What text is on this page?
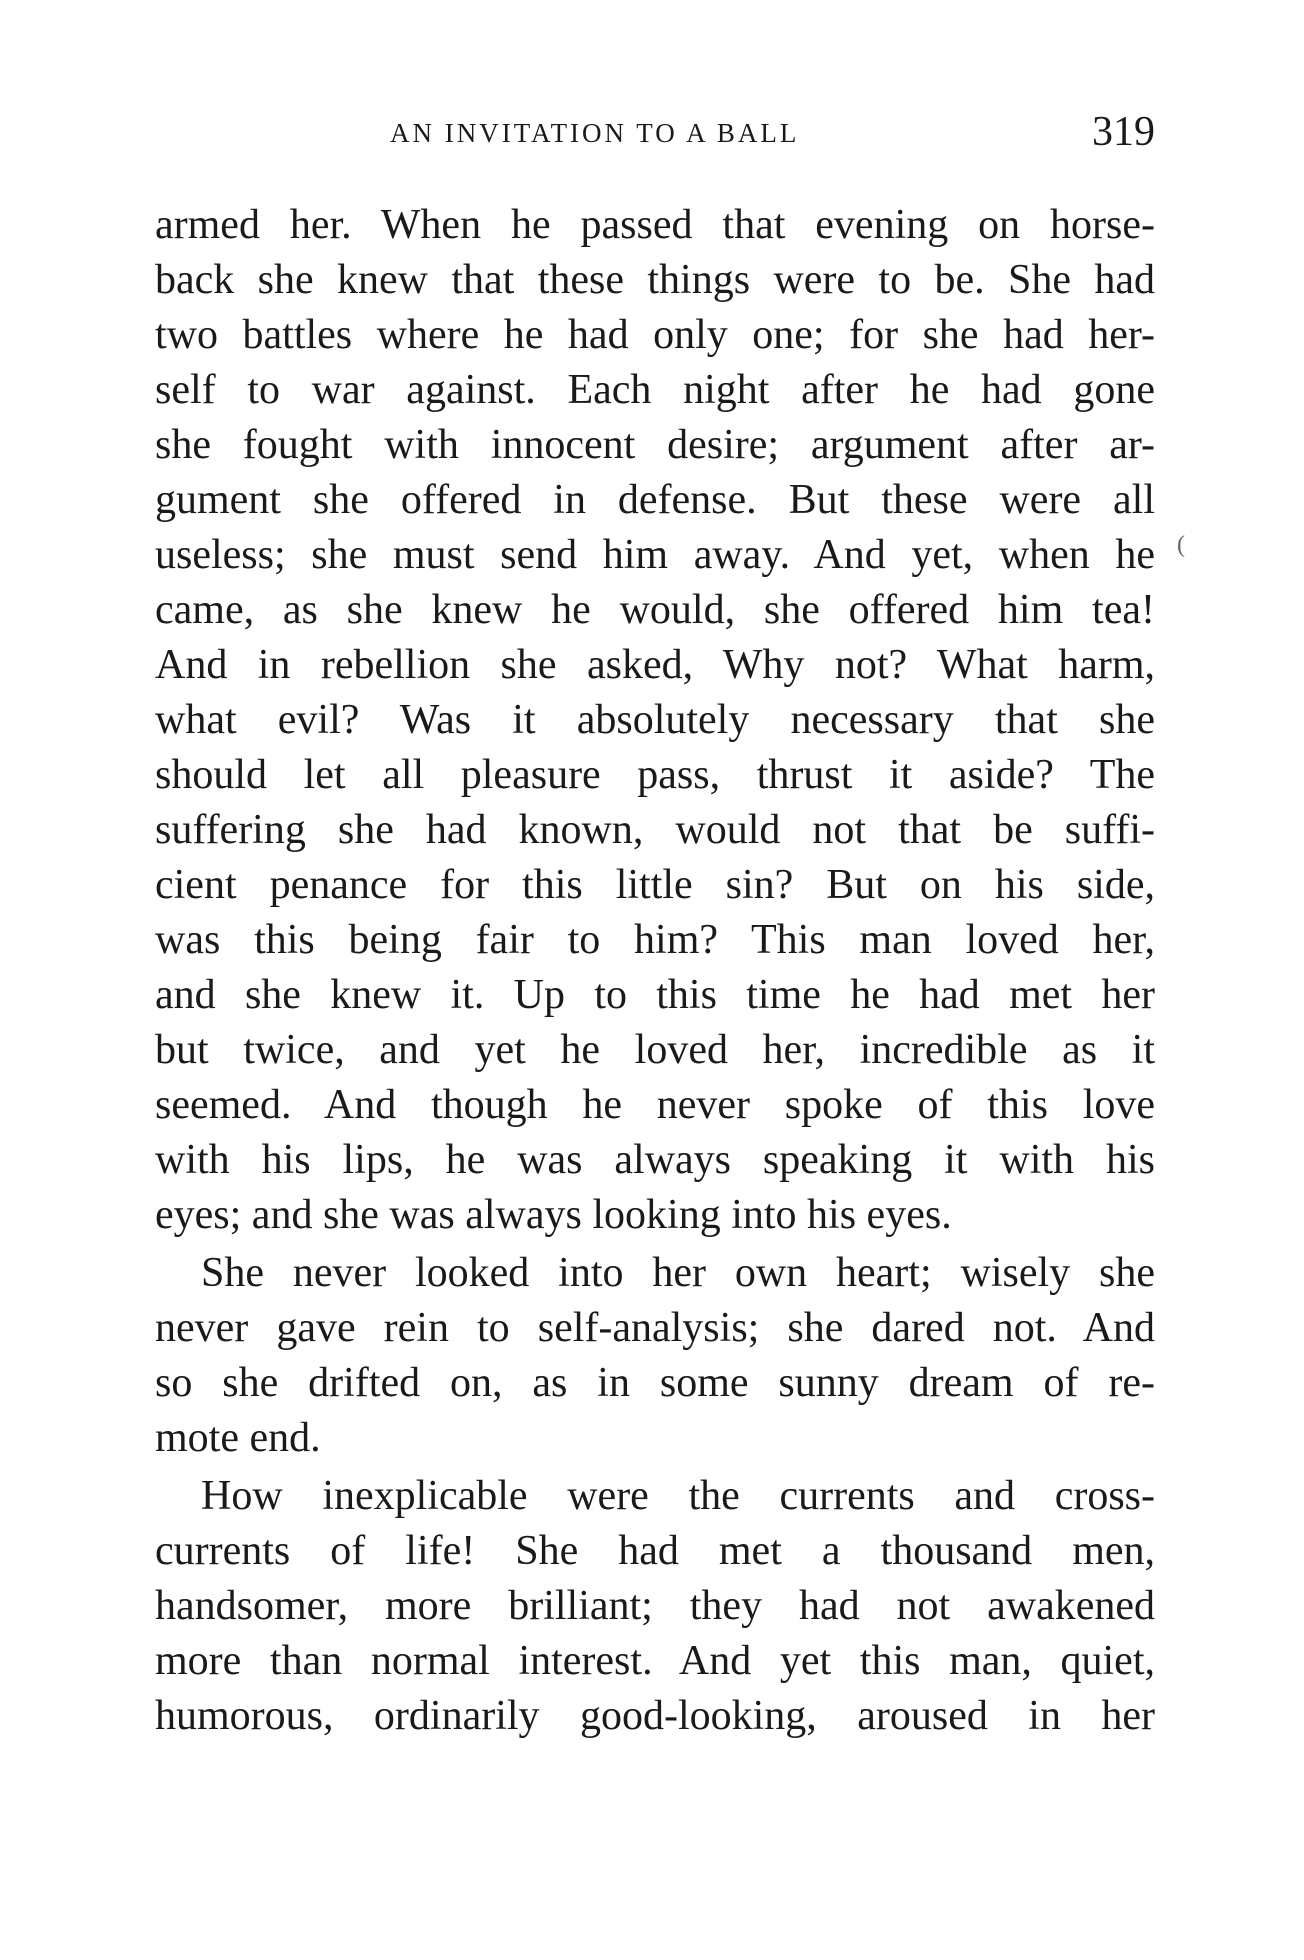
AN INVITATION TO A BALL	319
(
armed her. When he passed that evening on horse-
back she knew that these things were to be. She had
two battles where he had only one; for she had her-
self to war against. Each night after he had gone
she fought with innocent desire; argument after ar-
gument she offered in defense. But these were all
useless; she must send him away. And yet, when he
came, as she knew he would, she offered him tea!
And in rebellion she asked, Why not? What harm,
what evil? Was it absolutely necessary that she
should let all pleasure pass, thrust it aside? The
suffering she had known, would not that be suffi-
cient penance for this little sin? But on his side,
was this being fair to him? This man loved her,
and she knew it. Up to this time he had met her
but twice, and yet he loved her, incredible as it
seemed. And though he never spoke of this love
with his lips, he was always speaking it with his
eyes; and she was always looking into his eyes.
She never looked into her own heart; wisely she
never gave rein to self-analysis; she dared not. And
so she drifted on, as in some sunny dream of re-
mote end.
How inexplicable were the currents and cross-
currents of life! She had met a thousand men,
handsomer, more brilliant; they had not awakened
more than normal interest. And yet this man, quiet,
humorous, ordinarily good-looking, aroused in her
